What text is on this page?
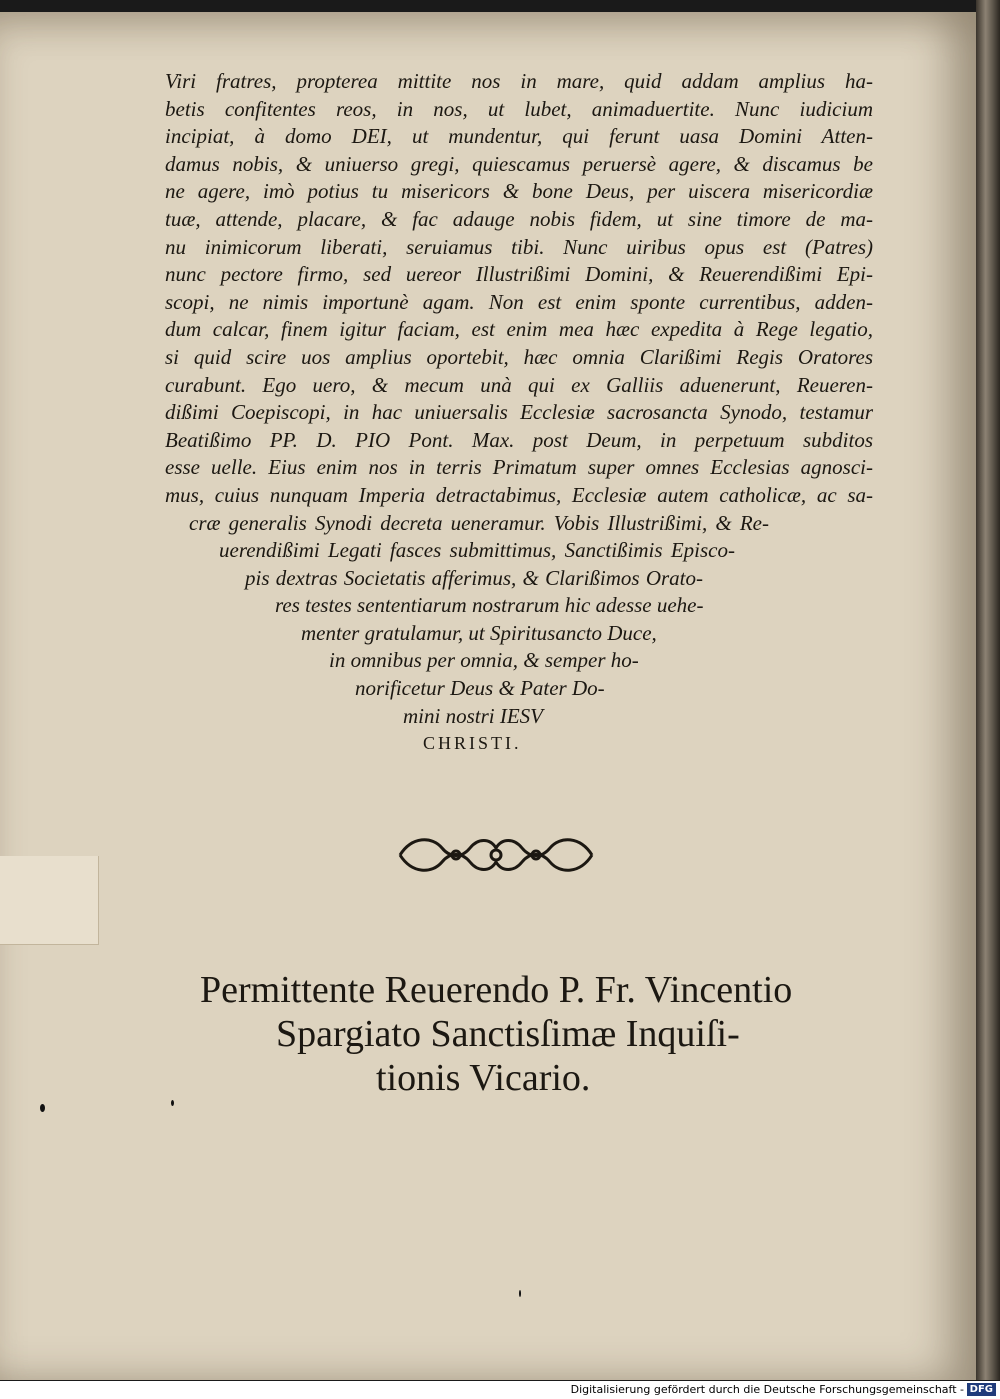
Viri fratres, propterea mittite nos in mare, quid addam amplius ha-
betis confitentes reos, in nos, ut lubet, animaduertite. Nunc iudicium
incipiat, à domo DEI, ut mundentur, qui ferunt uasa Domini Atten-
damus nobis, & uniuerso gregi, quiescamus peruersè agere, & discamus be
ne agere, imò potius tu misericors & bone Deus, per uiscera misericordiæ
tuæ, attende, placare, & fac adauge nobis fidem, ut sine timore de ma-
nu inimicorum liberati, seruiamus tibi. Nunc uiribus opus est (Patres)
nunc pectore firmo, sed uereor Illustrißimi Domini, & Reuerendißimi Epi-
scopi, ne nimis importunè agam. Non est enim sponte currentibus, adden-
dum calcar, finem igitur faciam, est enim mea hæc expedita à Rege legatio,
si quid scire uos amplius oportebit, hæc omnia Clarißimi Regis Oratores
curabunt. Ego uero, & mecum unà qui ex Galliis aduenerunt, Reueren-
dißimi Coepiscopi, in hac uniuersalis Ecclesiæ sacrosancta Synodo, testamur
Beatißimo PP. D. PIO Pont. Max. post Deum, in perpetuum subditos
esse uelle. Eius enim nos in terris Primatum super omnes Ecclesias agnosci-
mus, cuius nunquam Imperia detractabimus, Ecclesiæ autem catholicæ, ac sa-
cræ generalis Synodi decreta ueneramur. Vobis Illustrißimi, & Re-
uerendißimi Legati fasces submittimus, Sanctißimis Episco-
pis dextras Societatis afferimus, & Clarißimos Orato-
res testes sententiarum nostrarum hic adesse uehe-
menter gratulamur, ut Spiritusancto Duce,
in omnibus per omnia, & semper ho-
norificetur Deus & Pater Do-
mini nostri IESV
CHRISTI.
Permittente Reuerendo P. Fr. Vincentio
Spargiato Sanctisſimæ Inquiſi-
tionis Vicario.
Digitalisierung gefördert durch die Deutsche Forschungsgemeinschaft - DFG
